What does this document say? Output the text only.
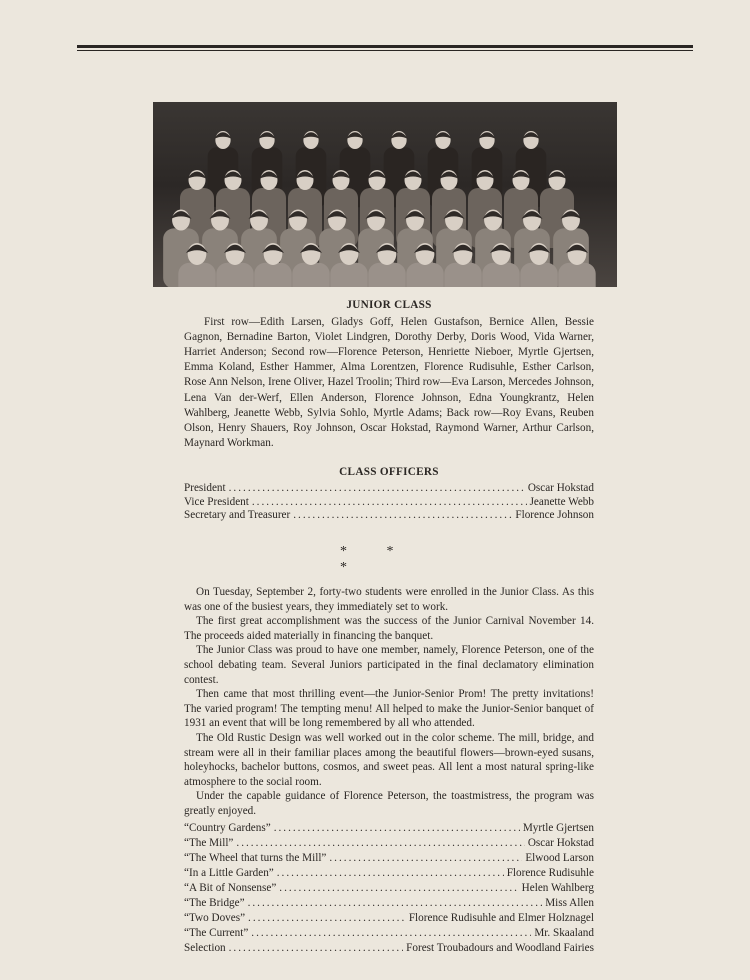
JUNIOR CLASS

First row—Edith Larsen, Gladys Goff, Helen Gustafson, Bernice Allen, Bessie Gagnon, Bernadine Barton, Violet Lindgren, Dorothy Derby, Doris Wood, Vida Warner, Harriet Anderson; Second row—Florence Peterson, Henriette Nieboer, Myrtle Gjertsen, Emma Koland, Esther Hammer, Alma Lorentzen, Florence Rudisuhle, Esther Carlson, Rose Ann Nelson, Irene Oliver, Hazel Troolin; Third row—Eva Larson, Mercedes Johnson, Lena Van der-Werf, Ellen Anderson, Florence Johnson, Edna Youngkrantz, Helen Wahlberg, Jeanette Webb, Sylvia Sohlo, Myrtle Adams; Back row—Roy Evans, Reuben Olson, Henry Shauers, Roy Johnson, Oscar Hokstad, Raymond Warner, Arthur Carlson, Maynard Workman.

CLASS OFFICERS
President . . .	Oscar Hokstad
Vice President . . .	Jeanette Webb
Secretary and Treasurer . . .	Florence Johnson
* * *

On Tuesday, September 2, forty-two students were enrolled in the Junior Class. As this was one of the busiest years, they immediately set to work.

The first great accomplishment was the success of the Junior Carnival November 14. The proceeds aided materially in financing the banquet.

The Junior Class was proud to have one member, namely, Florence Peterson, one of the school debating team. Several Juniors participated in the final declamatory elimination contest.

Then came that most thrilling event—the Junior-Senior Prom! The pretty invitations! The varied program! The tempting menu! All helped to make the Junior-Senior banquet of 1931 an event that will be long remembered by all who attended.

The Old Rustic Design was well worked out in the color scheme. The mill, bridge, and stream were all in their familiar places among the beautiful flowers—brown-eyed susans, holeyhocks, bachelor buttons, cosmos, and sweet peas. All lent a most natural spring-like atmosphere to the social room.

Under the capable guidance of Florence Peterson, the toastmistress, the program was greatly enjoyed.

“Country Gardens” . . .	Myrtle Gjertsen
“The Mill” . . .	Oscar Hokstad
“The Wheel that turns the Mill” . . .	Elwood Larson
“In a Little Garden” . . .	Florence Rudisuhle
“A Bit of Nonsense” . . .	Helen Wahlberg
“The Bridge” . . .	Miss Allen
“Two Doves” . . .	Florence Rudisuhle and Elmer Holznagel
“The Current” . . .	Mr. Skaaland
Selection . . .	Forest Troubadours and Woodland Fairies
